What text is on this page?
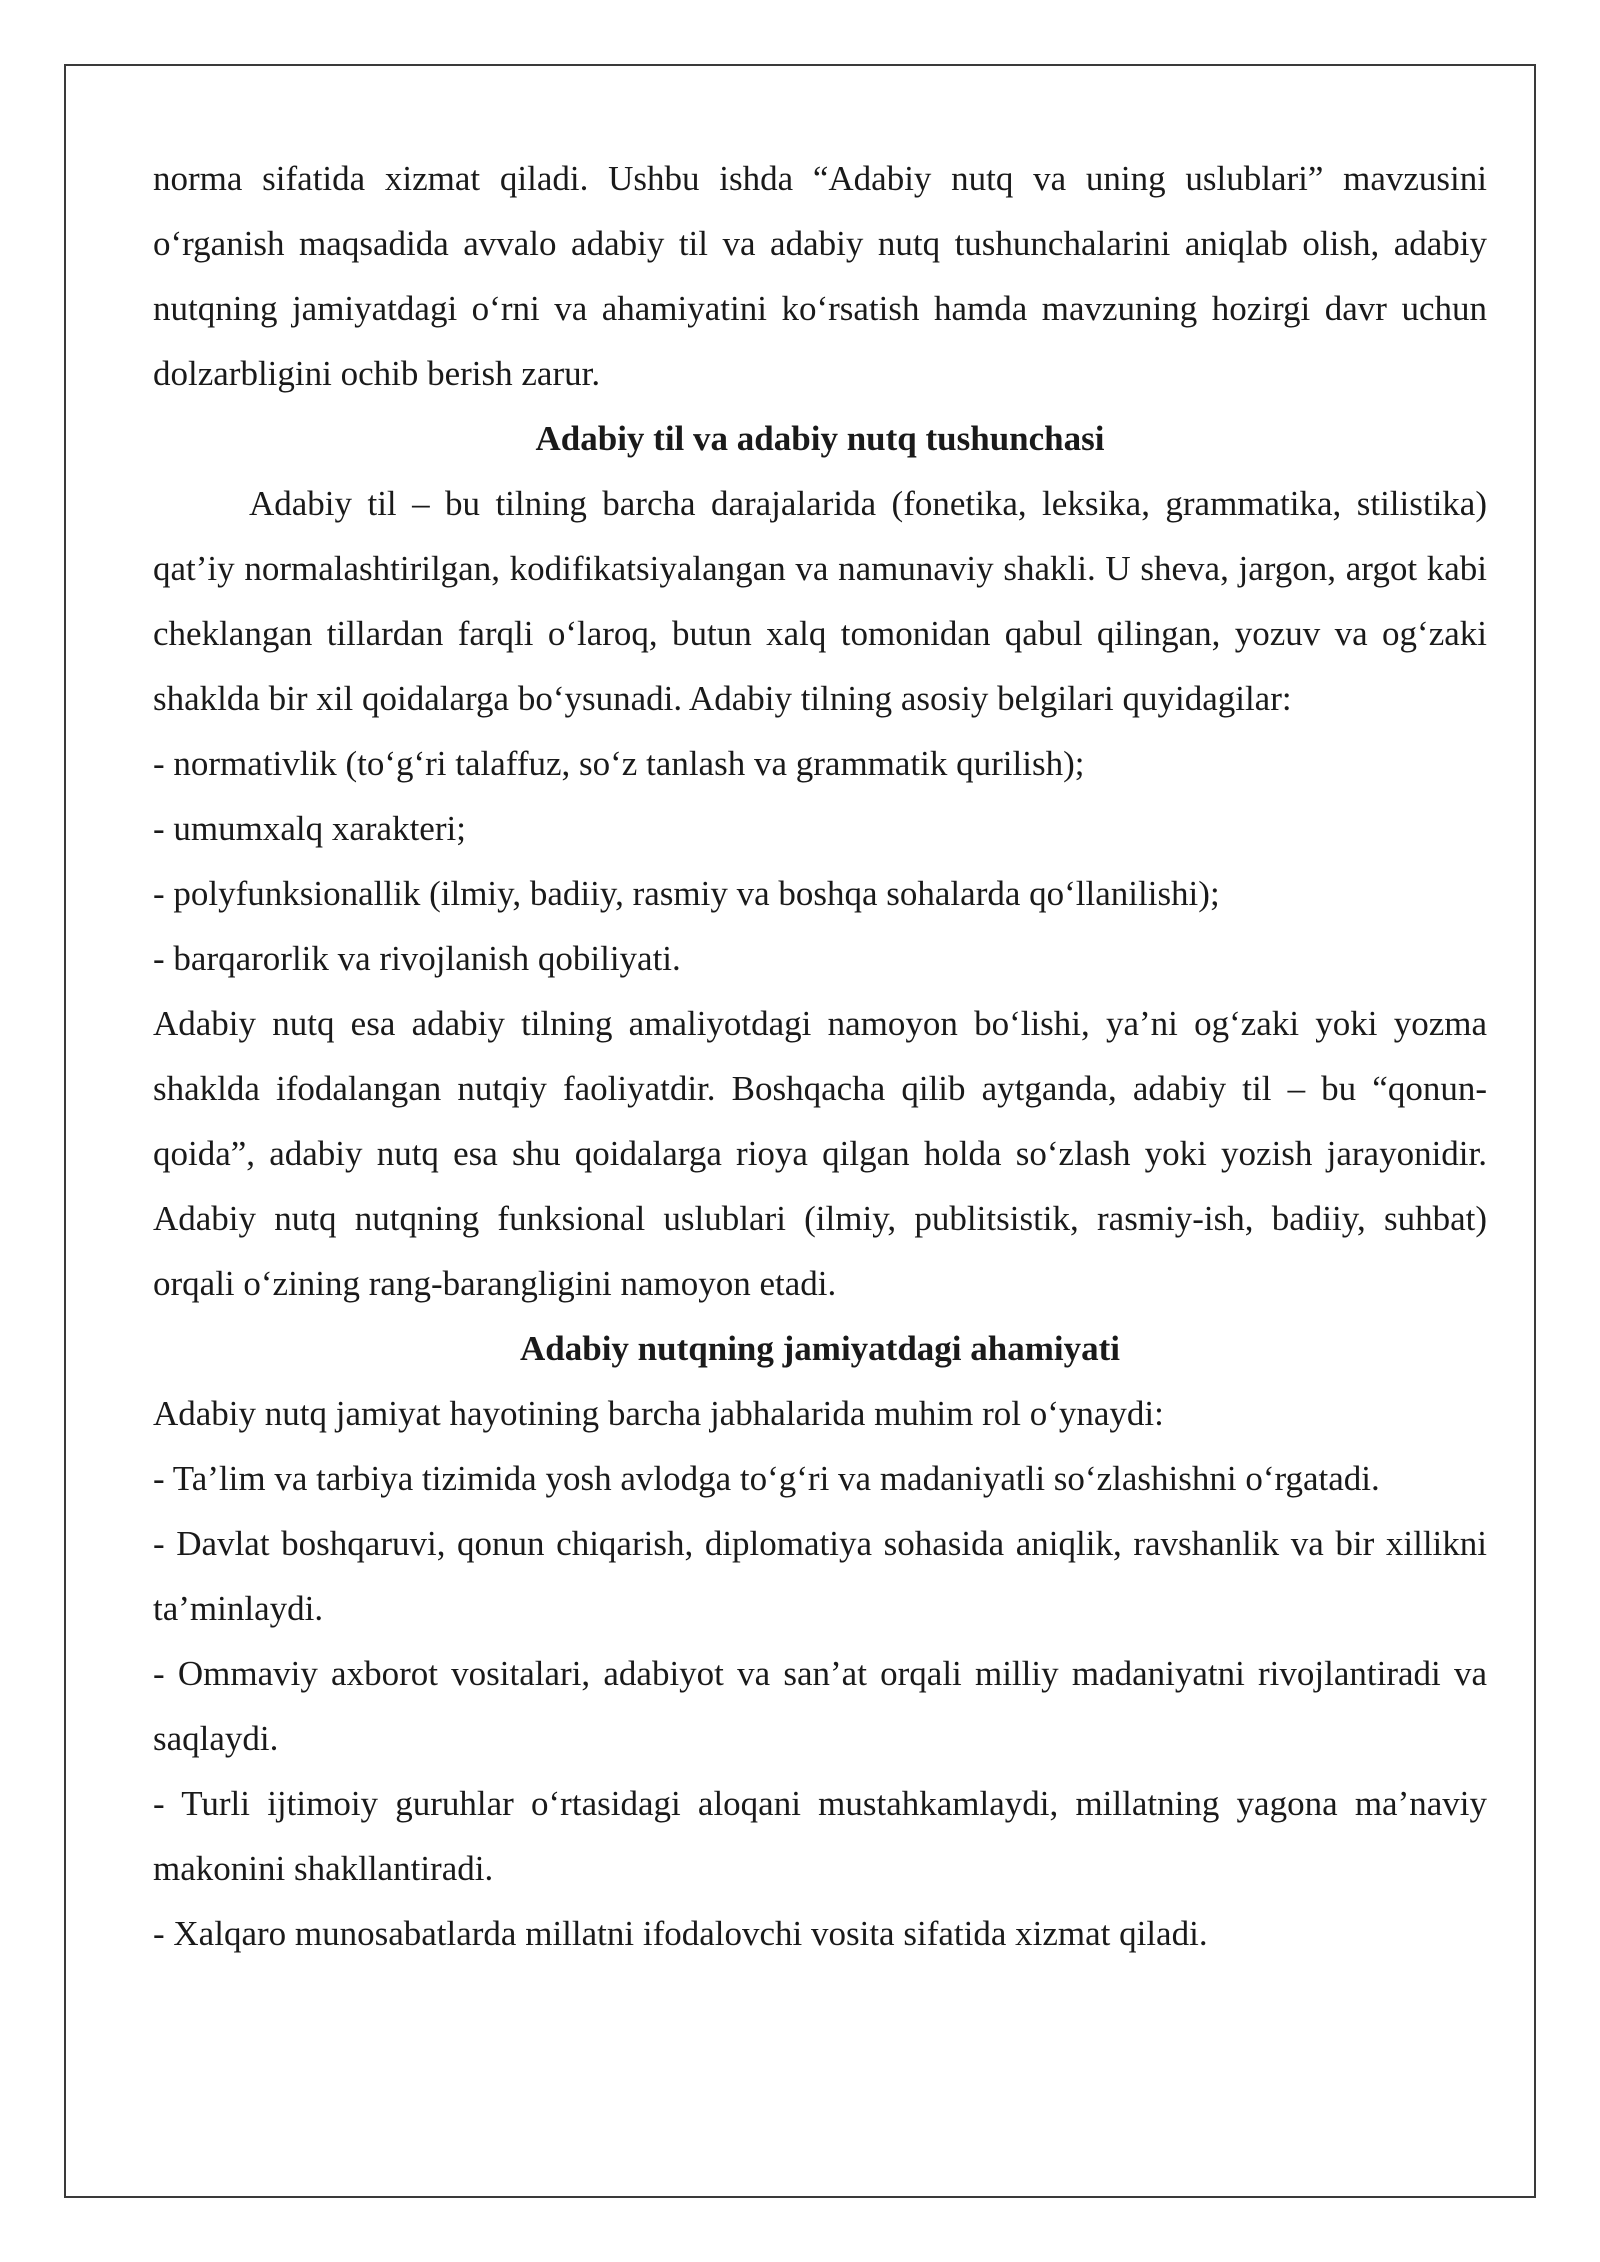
norma sifatida xizmat qiladi. Ushbu ishda “Adabiy nutq va uning uslublari” mavzusini oʻrganish maqsadida avvalo adabiy til va adabiy nutq tushunchalarini aniqlab olish, adabiy nutqning jamiyatdagi oʻrni va ahamiyatini koʻrsatish hamda mavzuning hozirgi davr uchun dolzarbligini ochib berish zarur.

Adabiy til va adabiy nutq tushunchasi

Adabiy til – bu tilning barcha darajalarida (fonetika, leksika, grammatika, stilistika) qat’iy normalashtirilgan, kodifikatsiyalangan va namunaviy shakli. U sheva, jargon, argot kabi cheklangan tillardan farqli oʻlaroq, butun xalq tomonidan qabul qilingan, yozuv va ogʻzaki shaklda bir xil qoidalarga boʻysunadi. Adabiy tilning asosiy belgilari quyidagilar:

- normativlik (toʻgʻri talaffuz, soʻz tanlash va grammatik qurilish);

- umumxalq xarakteri;

- polyfunksionallik (ilmiy, badiiy, rasmiy va boshqa sohalarda qoʻllanilishi);

- barqarorlik va rivojlanish qobiliyati.

Adabiy nutq esa adabiy tilning amaliyotdagi namoyon boʻlishi, ya’ni ogʻzaki yoki yozma shaklda ifodalangan nutqiy faoliyatdir. Boshqacha qilib aytganda, adabiy til – bu “qonun-qoida”, adabiy nutq esa shu qoidalarga rioya qilgan holda soʻzlash yoki yozish jarayonidir. Adabiy nutq nutqning funksional uslublari (ilmiy, publitsistik, rasmiy-ish, badiiy, suhbat) orqali oʻzining rang-barangligini namoyon etadi.

Adabiy nutqning jamiyatdagi ahamiyati

Adabiy nutq jamiyat hayotining barcha jabhalarida muhim rol oʻynaydi:

- Ta’lim va tarbiya tizimida yosh avlodga toʻgʻri va madaniyatli soʻzlashishni oʻrgatadi.

- Davlat boshqaruvi, qonun chiqarish, diplomatiya sohasida aniqlik, ravshanlik va bir xillikni ta’minlaydi.

- Ommaviy axborot vositalari, adabiyot va san’at orqali milliy madaniyatni rivojlantiradi va saqlaydi.

- Turli ijtimoiy guruhlar oʻrtasidagi aloqani mustahkamlaydi, millatning yagona ma’naviy makonini shakllantiradi.

- Xalqaro munosabatlarda millatni ifodalovchi vosita sifatida xizmat qiladi.
